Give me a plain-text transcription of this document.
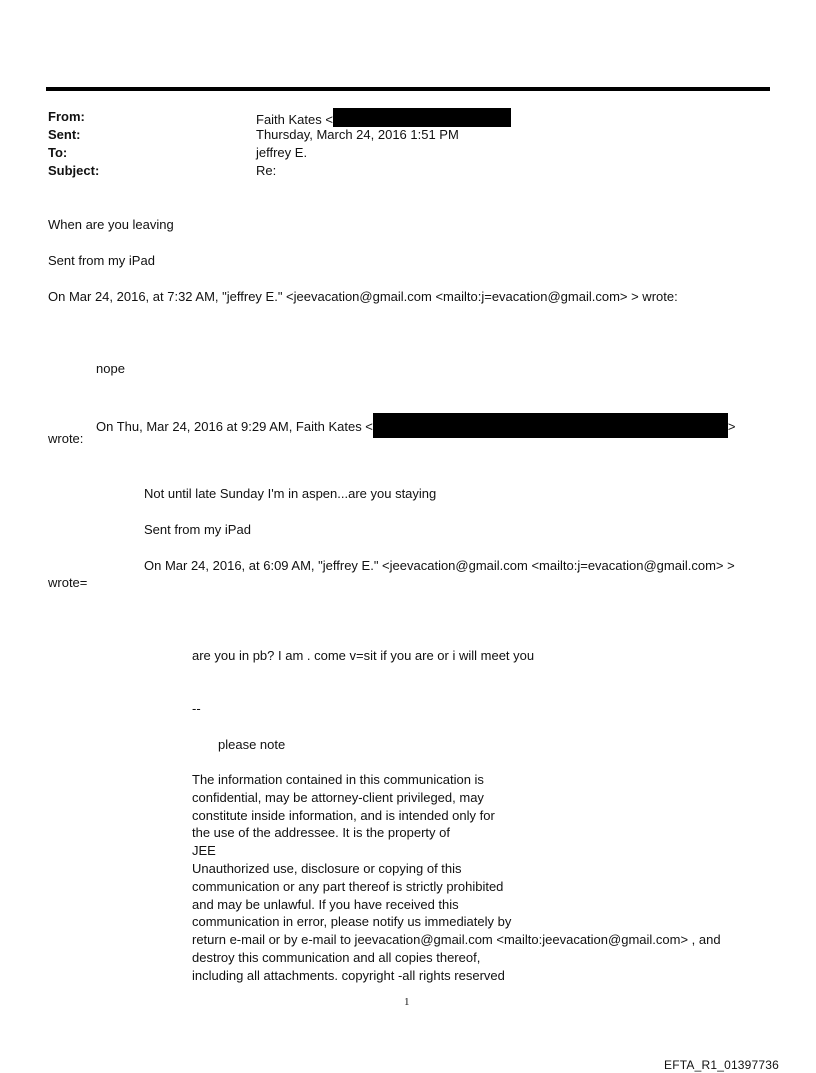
From:	Faith Kates <
Sent:	Thursday, March 24, 2016 1:51 PM
To:	jeffrey E.
Subject:	Re:
When are you leaving
Sent from my iPad
On Mar 24, 2016, at 7:32 AM, "jeffrey E." <jeevacation@gmail.com <mailto:j=evacation@gmail.com> > wrote:
nope
On Thu, Mar 24, 2016 at 9:29 AM, Faith Kates <	>
wrote:
Not until late Sunday I'm in aspen...are you staying
Sent from my iPad
On Mar 24, 2016, at 6:09 AM, "jeffrey E." <jeevacation@gmail.com <mailto:j=evacation@gmail.com> >
wrote=
are you in pb? I am . come v=sit if you are or i will meet you
--
please note
The information contained in this communication is
confidential, may be attorney-client privileged, may
constitute inside information, and is intended only for
the use of the addressee. It is the property of
JEE
Unauthorized use, disclosure or copying of this
communication or any part thereof is strictly prohibited
and may be unlawful. If you have received this
communication in error, please notify us immediately by
return e-mail or by e-mail to jeevacation@gmail.com <mailto:jeevacation@gmail.com> , and
destroy this communication and all copies thereof,
including all attachments. copyright -all rights reserved
1
EFTA_R1_01397736
